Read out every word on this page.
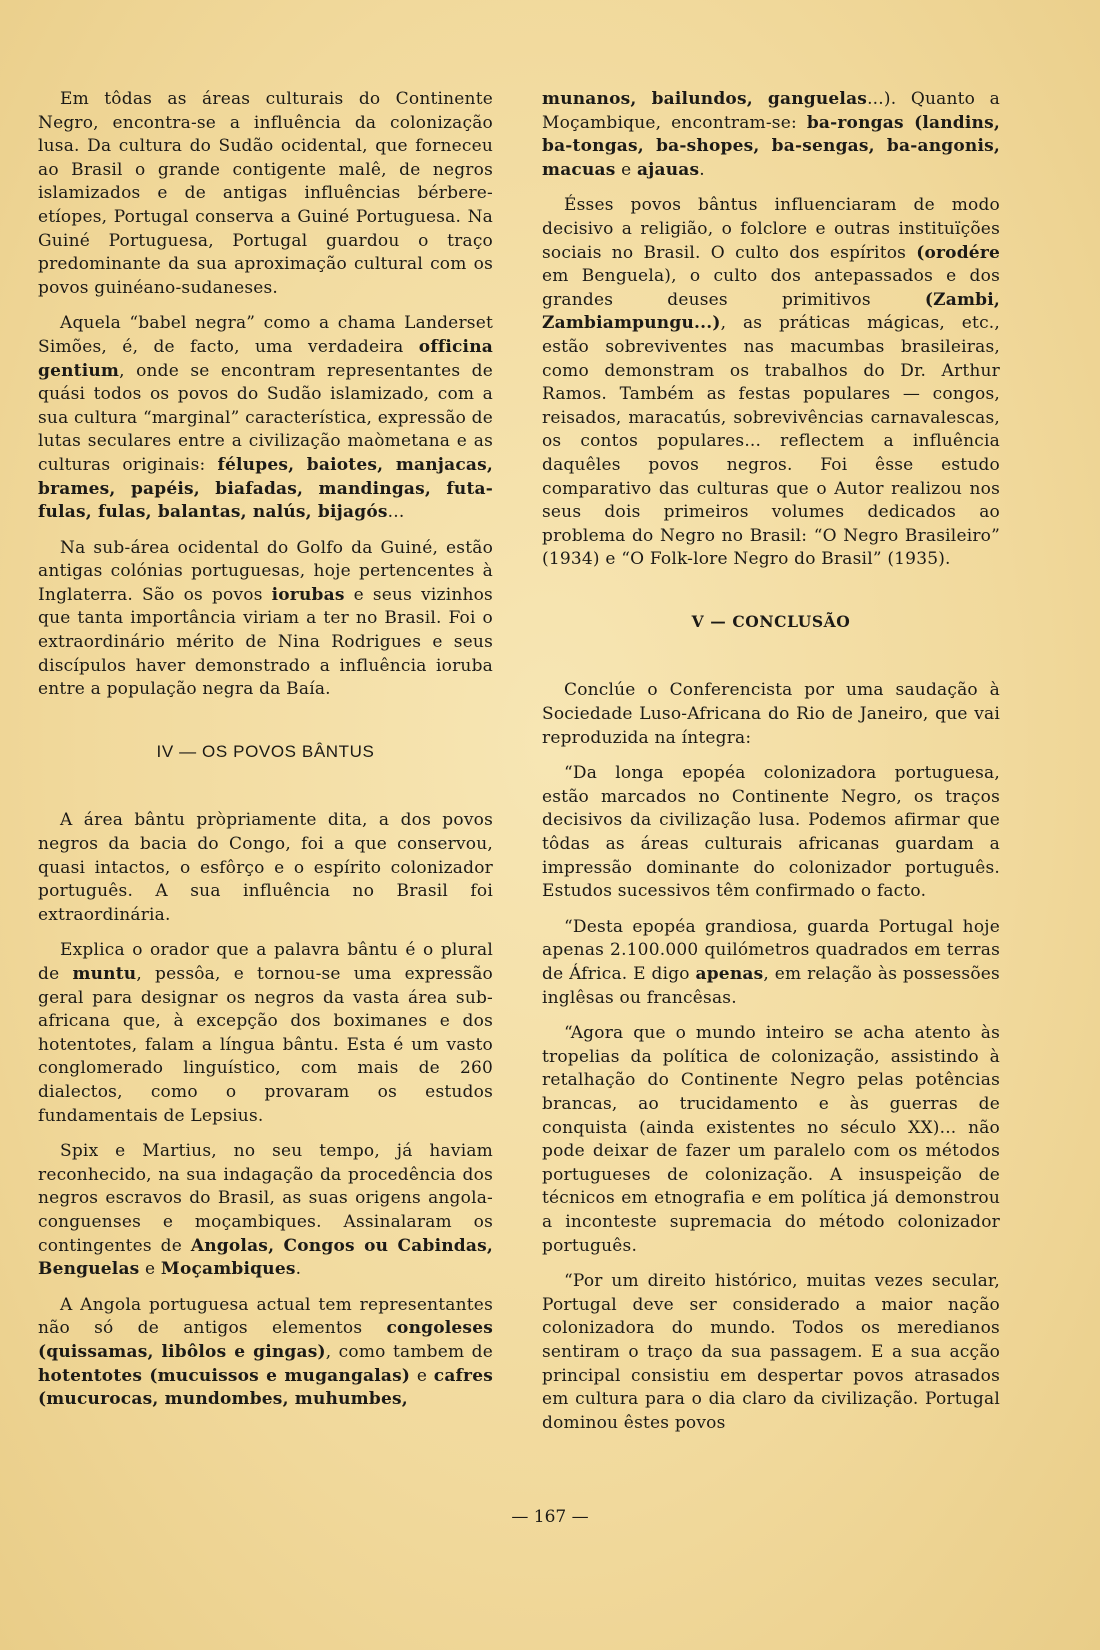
Em tôdas as áreas culturais do Continente Negro, encontra-se a influência da colonização lusa. Da cultura do Sudão ocidental, que forneceu ao Brasil o grande contigente malê, de negros islamizados e de antigas influências bérbere-etíopes, Portugal conserva a Guiné Portuguesa. Na Guiné Portuguesa, Portugal guardou o traço predominante da sua aproximação cultural com os povos guinéano-sudaneses.

Aquela “babel negra” como a chama Landerset Simões, é, de facto, uma verdadeira officina gentium, onde se encontram representantes de quási todos os povos do Sudão islamizado, com a sua cultura “marginal” característica, expressão de lutas seculares entre a civilização maòmetana e as culturas originais: félupes, baiotes, manjacas, brames, papéis, biafadas, mandingas, futa-fulas, fulas, balantas, nalús, bijagós...

Na sub-área ocidental do Golfo da Guiné, estão antigas colónias portuguesas, hoje pertencentes à Inglaterra. São os povos iorubas e seus vizinhos que tanta importância viriam a ter no Brasil. Foi o extraordinário mérito de Nina Rodrigues e seus discípulos haver demonstrado a influência ioruba entre a população negra da Baía.

IV — OS POVOS BÂNTUS

A área bântu pròpriamente dita, a dos povos negros da bacia do Congo, foi a que conservou, quasi intactos, o esfôrço e o espírito colonizador português. A sua influência no Brasil foi extraordinária.

Explica o orador que a palavra bântu é o plural de muntu, pessôa, e tornou-se uma expressão geral para designar os negros da vasta área sub-africana que, à excepção dos boximanes e dos hotentotes, falam a língua bântu. Esta é um vasto conglomerado linguístico, com mais de 260 dialectos, como o provaram os estudos fundamentais de Lepsius.

Spix e Martius, no seu tempo, já haviam reconhecido, na sua indagação da procedência dos negros escravos do Brasil, as suas origens angola-conguenses e moçambiques. Assinalaram os contingentes de Angolas, Congos ou Cabindas, Benguelas e Moçambiques.

A Angola portuguesa actual tem representantes não só de antigos elementos congoleses (quissamas, libôlos e gingas), como tambem de hotentotes (mucuissos e mugangalas) e cafres (mucurocas, mundombes, muhumbes,

munanos, bailundos, ganguelas...). Quanto a Moçambique, encontram-se: ba-rongas (landins, ba-tongas, ba-shopes, ba-sengas, ba-angonis, macuas e ajauas.

Ésses povos bântus influenciaram de modo decisivo a religião, o folclore e outras instituïções sociais no Brasil. O culto dos espíritos (orodére em Benguela), o culto dos antepassados e dos grandes deuses primitivos (Zambi, Zambiampungu...), as práticas mágicas, etc., estão sobreviventes nas macumbas brasileiras, como demonstram os trabalhos do Dr. Arthur Ramos. Também as festas populares — congos, reisados, maracatús, sobrevivências carnavalescas, os contos populares... reflectem a influência daquêles povos negros. Foi êsse estudo comparativo das culturas que o Autor realizou nos seus dois primeiros volumes dedicados ao problema do Negro no Brasil: “O Negro Brasileiro” (1934) e “O Folk-lore Negro do Brasil” (1935).

V — CONCLUSÃO

Conclúe o Conferencista por uma saudação à Sociedade Luso-Africana do Rio de Janeiro, que vai reproduzida na íntegra:

“Da longa epopéa colonizadora portuguesa, estão marcados no Continente Negro, os traços decisivos da civilização lusa. Podemos afirmar que tôdas as áreas culturais africanas guardam a impressão dominante do colonizador português. Estudos sucessivos têm confirmado o facto.

“Desta epopéa grandiosa, guarda Portugal hoje apenas 2.100.000 quilómetros quadrados em terras de África. E digo apenas, em relação às possessões inglêsas ou francêsas.

“Agora que o mundo inteiro se acha atento às tropelias da política de colonização, assistindo à retalhação do Continente Negro pelas potências brancas, ao trucidamento e às guerras de conquista (ainda existentes no século XX)... não pode deixar de fazer um paralelo com os métodos portugueses de colonização. A insuspeição de técnicos em etnografia e em política já demonstrou a inconteste supremacia do método colonizador português.

“Por um direito histórico, muitas vezes secular, Portugal deve ser considerado a maior nação colonizadora do mundo. Todos os meredianos sentiram o traço da sua passagem. E a sua acção principal consistiu em despertar povos atrasados em cultura para o dia claro da civilização. Portugal dominou êstes povos

— 167 —
